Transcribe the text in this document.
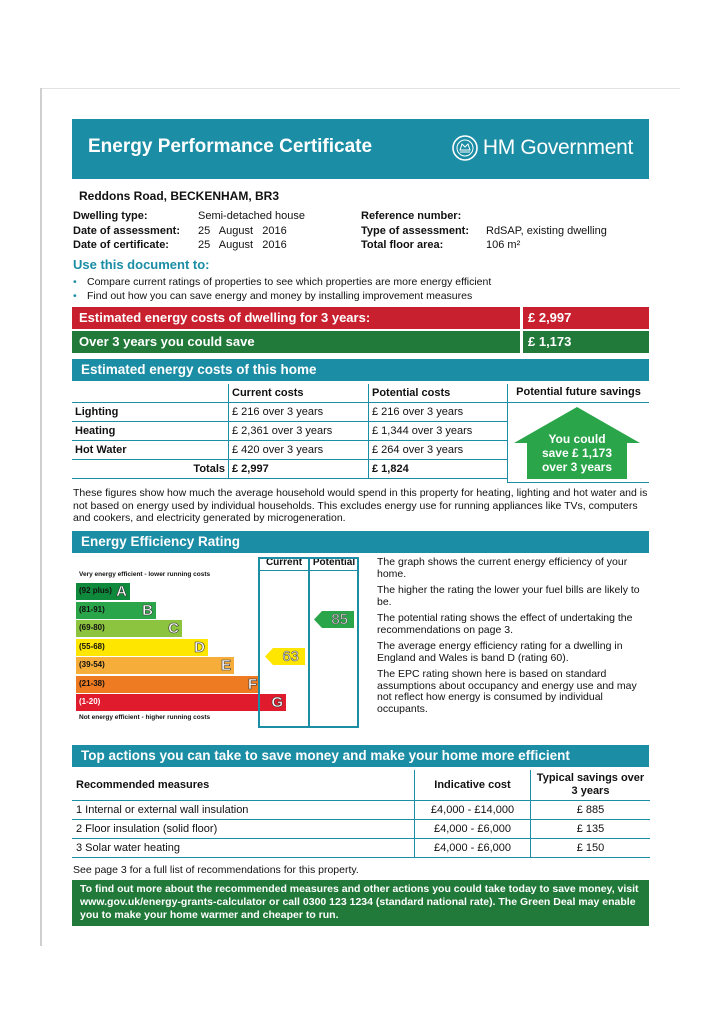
Energy Performance Certificate	HM Government
Reddons Road, BECKENHAM, BR3
Dwelling type:	Semi-detached house
Date of assessment: 25   August   2016
Date of certificate:	25   August   2016
Reference number:
Type of assessment: RdSAP, existing dwelling
Total floor area:	106 m²
Use this document to:
• Compare current ratings of properties to see which properties are more energy efficient
• Find out how you can save energy and money by installing improvement measures
Estimated energy costs of dwelling for 3 years:	£ 2,997
Over 3 years you could save	£ 1,173
Estimated energy costs of this home
	Current costs	Potential costs
Lighting	£ 216 over 3 years	£ 216 over 3 years
Heating	£ 2,361 over 3 years	£ 1,344 over 3 years
Hot Water	£ 420 over 3 years	£ 264 over 3 years
Totals	£ 2,997	£ 1,824
Potential future savings
You could
save £ 1,173
over 3 years
These figures show how much the average household would spend in this property for heating, lighting and hot water and is not based on energy used by individual households. This excludes energy use for running appliances like TVs, computers and cookers, and electricity generated by microgeneration.
Energy Efficiency Rating
Very energy efficient - lower running costs
(92 plus) A
(81-91) B
(69-80)	C
(55-68)	D
(39-54)	E
(21-38)	F
(1-20)	G
Not energy efficient - higher running costs
Current	Potential
63
85

The graph shows the current energy efficiency of your home.

The higher the rating the lower your fuel bills are likely to be.

The potential rating shows the effect of undertaking the recommendations on page 3.

The average energy efficiency rating for a dwelling in England and Wales is band D (rating 60).

The EPC rating shown here is based on standard assumptions about occupancy and energy use and may not reflect how energy is consumed by individual occupants.

Top actions you can take to save money and make your home more efficient
Recommended measures	Indicative cost	Typical savings over 3 years
1 Internal or external wall insulation	£4,000 - £14,000	£ 885
2 Floor insulation (solid floor)	£4,000 - £6,000	£ 135
3 Solar water heating	£4,000 - £6,000	£ 150
See page 3 for a full list of recommendations for this property.
To find out more about the recommended measures and other actions you could take today to save money, visit www.gov.uk/energy-grants-calculator or call 0300 123 1234 (standard national rate). The Green Deal may enable you to make your home warmer and cheaper to run.
